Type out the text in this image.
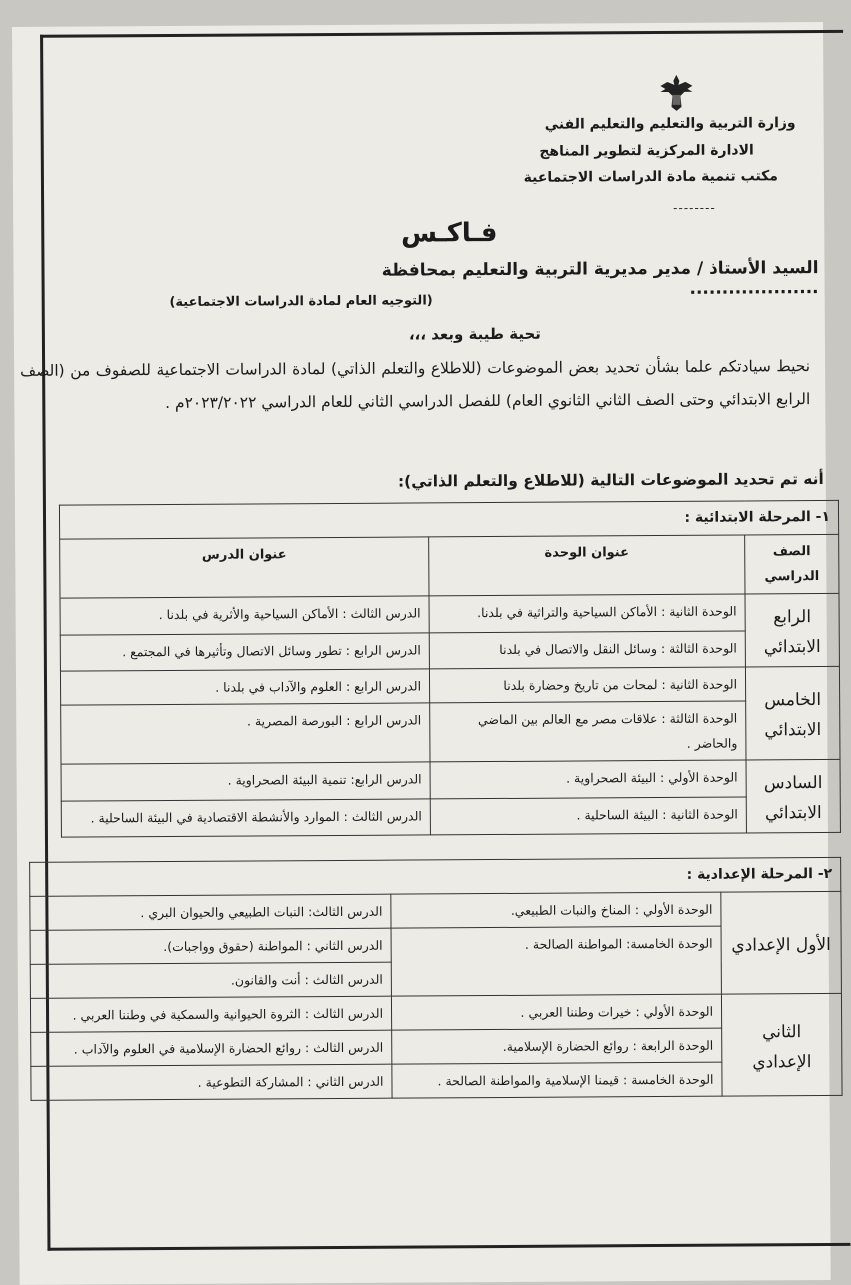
وزارة التربية والتعليم والتعليم الفني
الادارة المركزية لتطوير المناهج
مكتب تنمية مادة الدراسات الاجتماعية
--------
فـاكـس
السيد الأستاذ / مدير مديرية التربية والتعليم بمحافظة ....................
(التوجيه العام لمادة الدراسات الاجتماعية)
تحية طيبة وبعد ،،،
نحيط سيادتكم علما بشأن تحديد بعض الموضوعات (للاطلاع والتعلم الذاتي) لمادة الدراسات الاجتماعية للصفوف من (الصف الرابع الابتدائي وحتى الصف الثاني الثانوي العام) للفصل الدراسي الثاني للعام الدراسي ٢٠٢٣/٢٠٢٢م .
أنه تم تحديد الموضوعات التالية (للاطلاع والتعلم الذاتي):
١- المرحلة الابتدائية :		
الصف الدراسي	عنوان الوحدة	عنوان الدرس
الرابع الابتدائي	الوحدة الثانية : الأماكن السياحية والتراثية في بلدنا.	الدرس الثالث : الأماكن السياحية والأثرية في بلدنا .
	الوحدة الثالثة : وسائل النقل والاتصال في بلدنا	الدرس الرابع : تطور وسائل الاتصال وتأثيرها في المجتمع .
الخامس الابتدائي	الوحدة الثانية : لمحات من تاريخ وحضارة بلدنا	الدرس الرابع : العلوم والآداب في بلدنا .
	الوحدة الثالثة : علاقات مصر مع العالم بين الماضي والحاضر .	الدرس الرابع : البورصة المصرية .
السادس الابتدائي	الوحدة الأولي : البيئة الصحراوية .	الدرس الرابع: تنمية البيئة الصحراوية .
	الوحدة الثانية : البيئة الساحلية .	الدرس الثالث : الموارد والأنشطة الاقتصادية في البيئة الساحلية .
٢- المرحلة الإعدادية :		
الأول الإعدادي	الوحدة الأولي : المناخ والنبات الطبيعي.	الدرس الثالث: النبات الطبيعي والحيوان البري .
	الوحدة الخامسة: المواطنة الصالحة .	الدرس الثاني : المواطنة (حقوق وواجبات).
		الدرس الثالث : أنت والقانون.
الثاني الإعدادي	الوحدة الأولي : خيرات وطننا العربي .	الدرس الثالث : الثروة الحيوانية والسمكية في وطننا العربي .
	الوحدة الرابعة : روائع الحضارة الإسلامية.	الدرس الثالث : روائع الحضارة الإسلامية في العلوم والآداب .
	الوحدة الخامسة : قيمنا الإسلامية والمواطنة الصالحة .	الدرس الثاني : المشاركة التطوعية .
